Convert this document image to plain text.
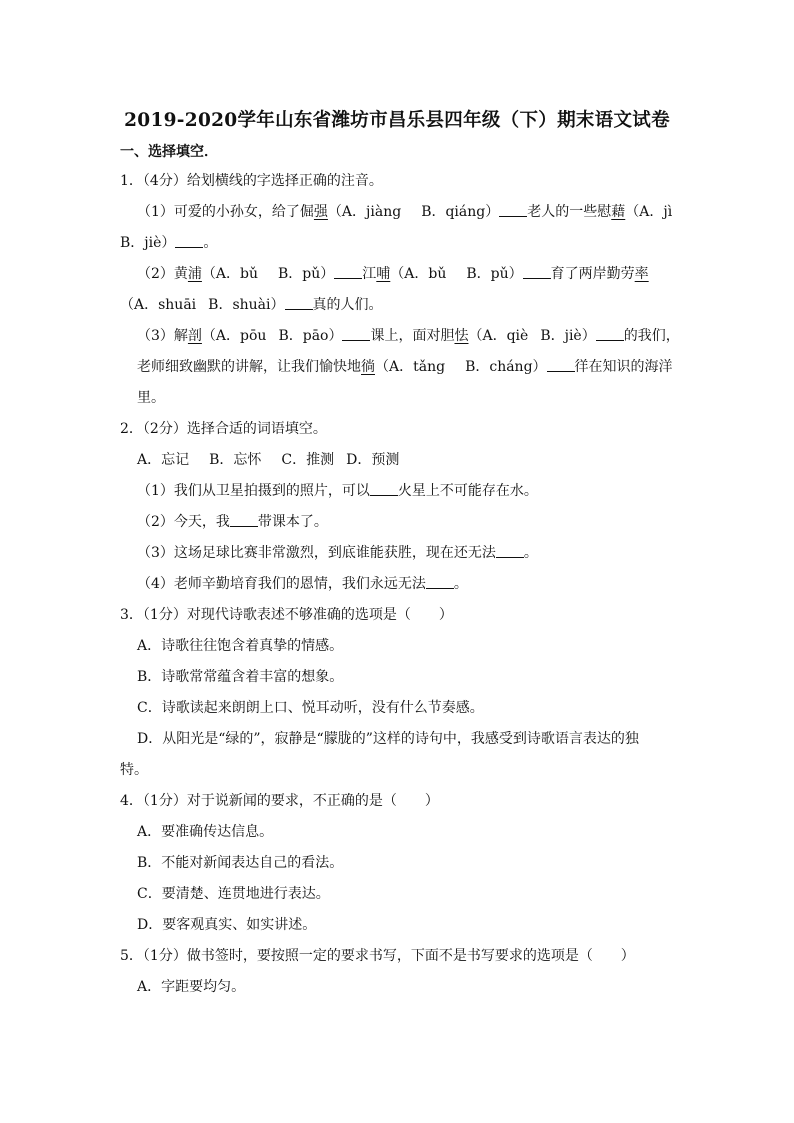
2019-2020学年山东省潍坊市昌乐县四年级（下）期末语文试卷
一、选择填空．
1．（4分）给划横线的字选择正确的注音。
（1）可爱的小孙女，给了倔强（A．jiàng B．qiáng） 老人的一些慰藉（A．jì
B．jiè） 。
（2）黄浦（A．bǔ B．pǔ） 江哺（A．bǔ B．pǔ） 育了两岸勤劳率
（A．shuāi B．shuài） 真的人们。
（3）解剖（A．pōu B．pāo） 课上，面对胆怯（A．qiè B．jiè） 的我们，
老师细致幽默的讲解，让我们愉快地徜（A．tǎng B．cháng） 徉在知识的海洋
里。
2．（2分）选择合适的词语填空。
A．忘记 B．忘怀 C．推测 D．预测
（1）我们从卫星拍摄到的照片，可以 火星上不可能存在水。
（2）今天，我 带课本了。
（3）这场足球比赛非常激烈，到底谁能获胜，现在还无法 。
（4）老师辛勤培育我们的恩情，我们永远无法 。
3．（1分）对现代诗歌表述不够准确的选项是（　　）
A．诗歌往往饱含着真挚的情感。
B．诗歌常常蕴含着丰富的想象。
C．诗歌读起来朗朗上口、悦耳动听，没有什么节奏感。
D．从阳光是“绿的”，寂静是“朦胧的”这样的诗句中，我感受到诗歌语言表达的独
特。
4．（1分）对于说新闻的要求，不正确的是（　　）
A．要准确传达信息。
B．不能对新闻表达自己的看法。
C．要清楚、连贯地进行表达。
D．要客观真实、如实讲述。
5．（1分）做书签时，要按照一定的要求书写，下面不是书写要求的选项是（　　）
A．字距要均匀。
